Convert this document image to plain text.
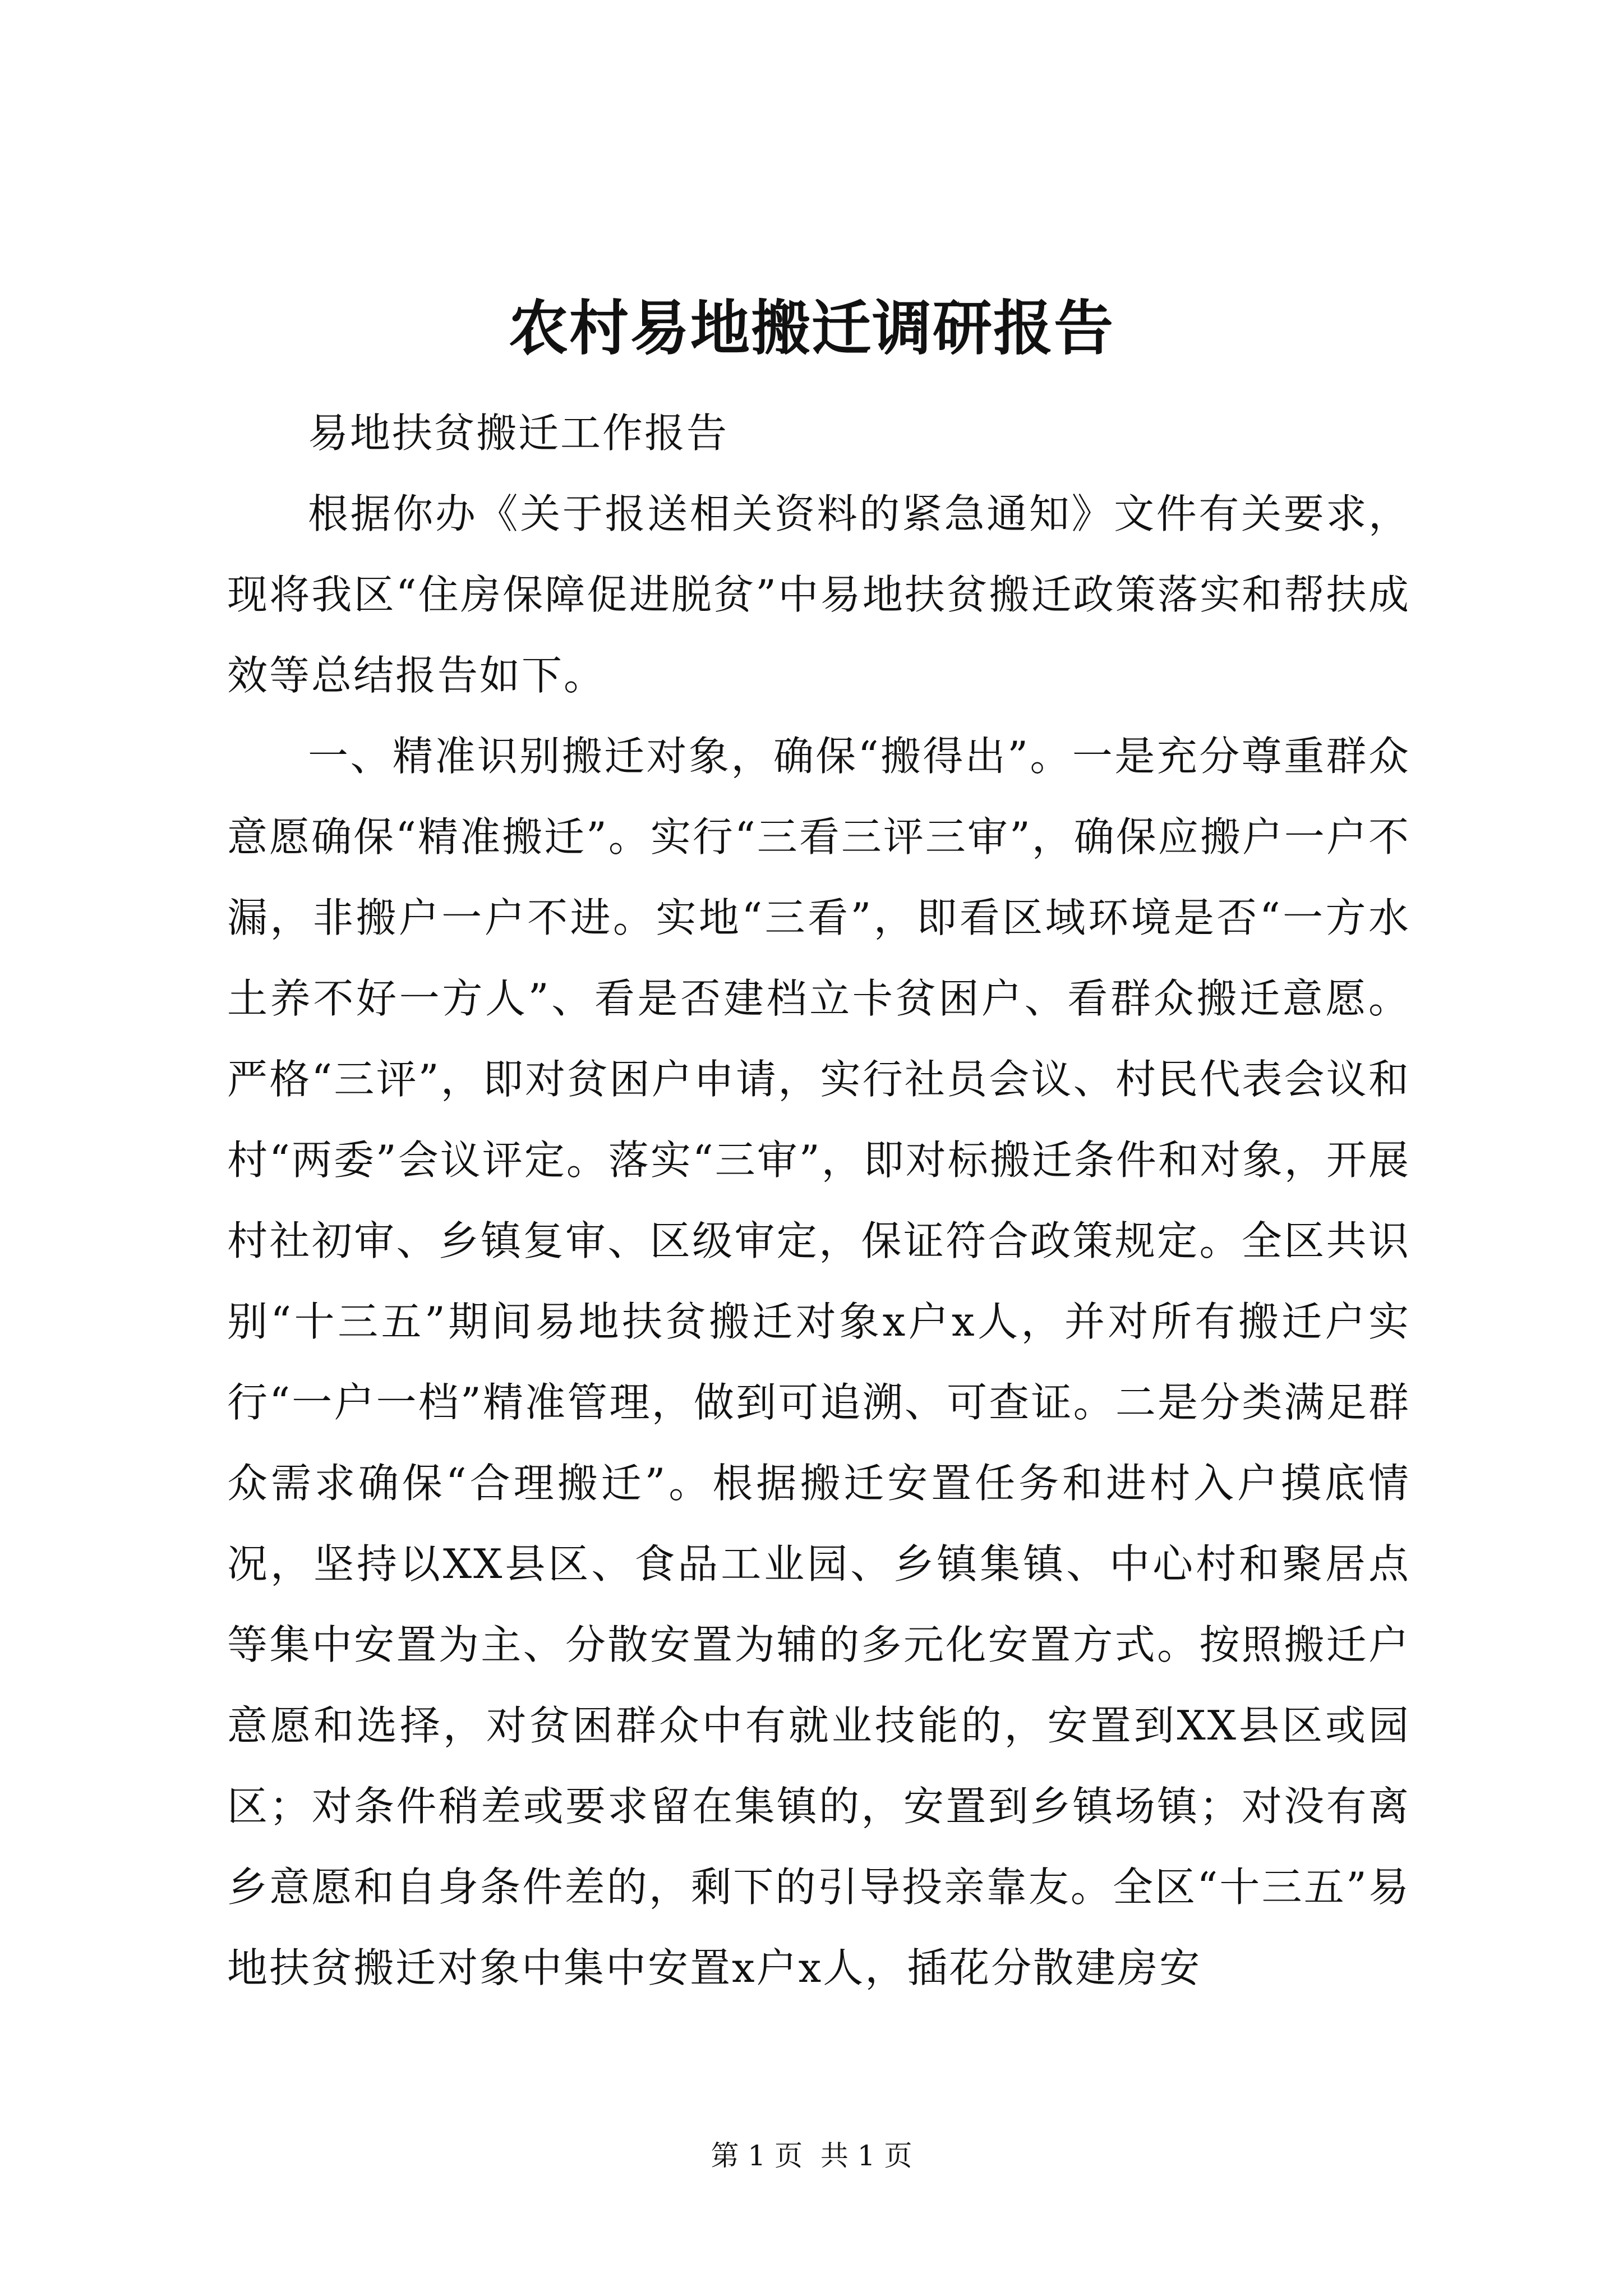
农村易地搬迁调研报告

易地扶贫搬迁工作报告

根据你办《关于报送相关资料的紧急通知》文件有关要求，现将我区“住房保障促进脱贫”中易地扶贫搬迁政策落实和帮扶成效等总结报告如下。

一、精准识别搬迁对象，确保“搬得出”。一是充分尊重群众意愿确保“精准搬迁”。实行“三看三评三审”，确保应搬户一户不漏，非搬户一户不进。实地“三看”，即看区域环境是否“一方水土养不好一方人”、看是否建档立卡贫困户、看群众搬迁意愿。严格“三评”，即对贫困户申请，实行社员会议、村民代表会议和村“两委”会议评定。落实“三审”，即对标搬迁条件和对象，开展村社初审、乡镇复审、区级审定，保证符合政策规定。全区共识别“十三五”期间易地扶贫搬迁对象x户x人，并对所有搬迁户实行“一户一档”精准管理，做到可追溯、可查证。二是分类满足群众需求确保“合理搬迁”。根据搬迁安置任务和进村入户摸底情况，坚持以XX县区、食品工业园、乡镇集镇、中心村和聚居点等集中安置为主、分散安置为辅的多元化安置方式。按照搬迁户意愿和选择，对贫困群众中有就业技能的，安置到XX县区或园区；对条件稍差或要求留在集镇的，安置到乡镇场镇；对没有离乡意愿和自身条件差的，剩下的引导投亲靠友。全区“十三五”易地扶贫搬迁对象中集中安置x户x人，插花分散建房安

第 1 页  共 1 页
